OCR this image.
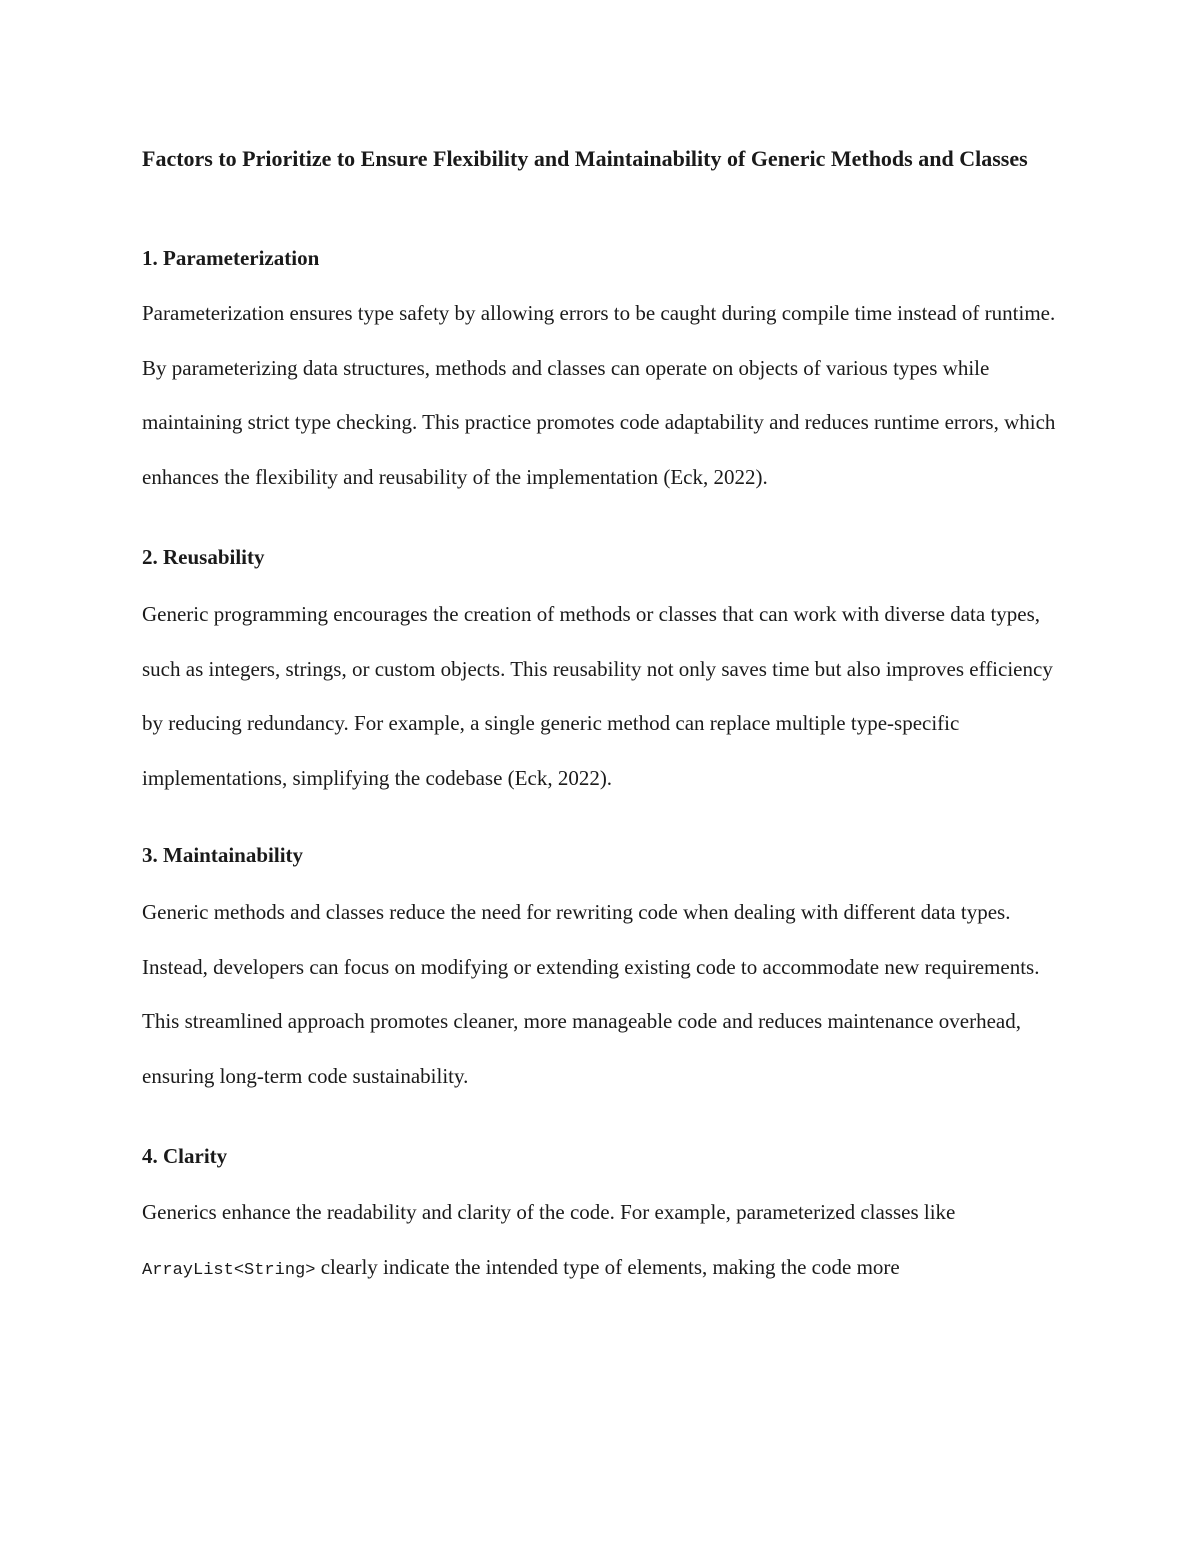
Factors to Prioritize to Ensure Flexibility and Maintainability of Generic Methods and Classes
1. Parameterization

Parameterization ensures type safety by allowing errors to be caught during compile time instead of runtime. By parameterizing data structures, methods and classes can operate on objects of various types while maintaining strict type checking. This practice promotes code adaptability and reduces runtime errors, which enhances the flexibility and reusability of the implementation (Eck, 2022).

2. Reusability

Generic programming encourages the creation of methods or classes that can work with diverse data types, such as integers, strings, or custom objects. This reusability not only saves time but also improves efficiency by reducing redundancy. For example, a single generic method can replace multiple type-specific implementations, simplifying the codebase (Eck, 2022).

3. Maintainability

Generic methods and classes reduce the need for rewriting code when dealing with different data types. Instead, developers can focus on modifying or extending existing code to accommodate new requirements. This streamlined approach promotes cleaner, more manageable code and reduces maintenance overhead, ensuring long-term code sustainability.

4. Clarity

Generics enhance the readability and clarity of the code. For example, parameterized classes like ArrayList<String> clearly indicate the intended type of elements, making the code more
